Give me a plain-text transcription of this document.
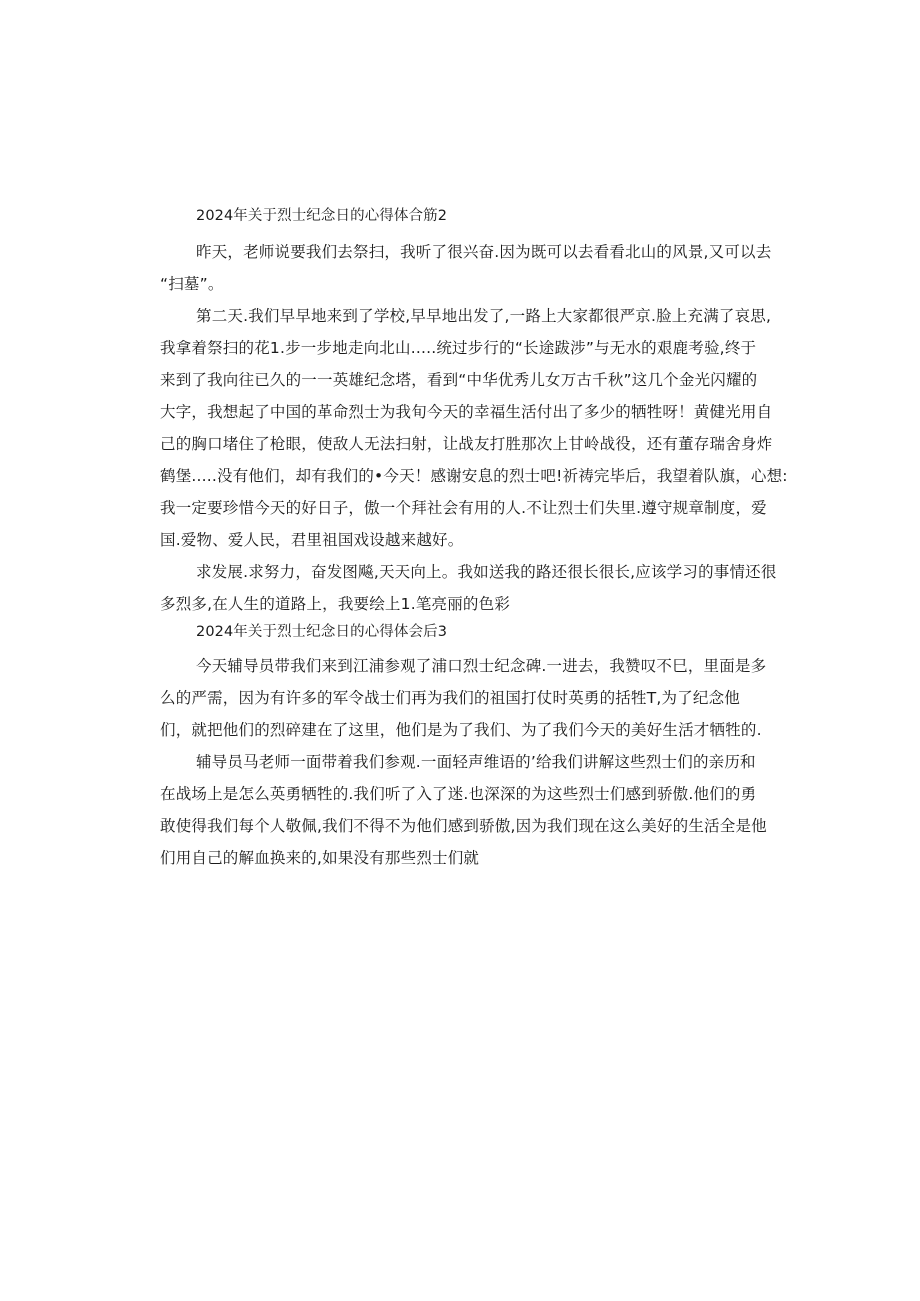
2024年关于烈士纪念日的心得体合筋2
昨天，老师说要我们去祭扫，我听了很兴奋.因为既可以去看看北山的风景,又可以去
“扫墓”。
第二天.我们早早地来到了学校,早早地出发了,一路上大家都很严京.脸上充满了哀思,
我拿着祭扫的花1.步一步地走向北山.....统过步行的“长途跋涉”与无水的艰鹿考验,终于
来到了我向往已久的一一英雄纪念塔，看到“中华优秀儿女万古千秋”这几个金光闪耀的
大字，我想起了中国的革命烈士为我旬今天的幸福生活付出了多少的牺牲呀！黄健光用自
己的胸口堵住了枪眼，使敌人无法扫射，让战友打胜那次上甘岭战役，还有董存瑞舍身炸
鹤堡.....没有他们，却有我们的•今天！感谢安息的烈士吧!祈祷完毕后，我望着队旗，心想:
我一定要珍惜今天的好日子，傲一个拜社会有用的人.不让烈士们失里.遵守规章制度，爱
国.爱物、爱人民，君里祖国戏设越来越好。
求发展.求努力，奋发图飚,天天向上。我如送我的路还很长很长,应该学习的事情还很
多烈多,在人生的道路上，我要绘上1.笔亮丽的色彩
2024年关于烈士纪念日的心得体会后3
今天辅导员带我们来到江浦参观了浦口烈士纪念碑.一进去，我赞叹不巳，里面是多
么的严需，因为有许多的军令战士们再为我们的祖国打仗时英勇的括牲T,为了纪念他
们，就把他们的烈碎建在了这里，他们是为了我们、为了我们今天的美好生活才牺牲的.
辅导员马老师一面带着我们参观.一面轻声维语的’给我们讲解这些烈士们的亲历和
在战场上是怎么英勇牺牲的.我们听了入了迷.也深深的为这些烈士们感到骄傲.他们的勇
敢使得我们每个人敬佩,我们不得不为他们感到骄傲,因为我们现在这么美好的生活全是他
们用自己的解血换来的,如果没有那些烈士们就
